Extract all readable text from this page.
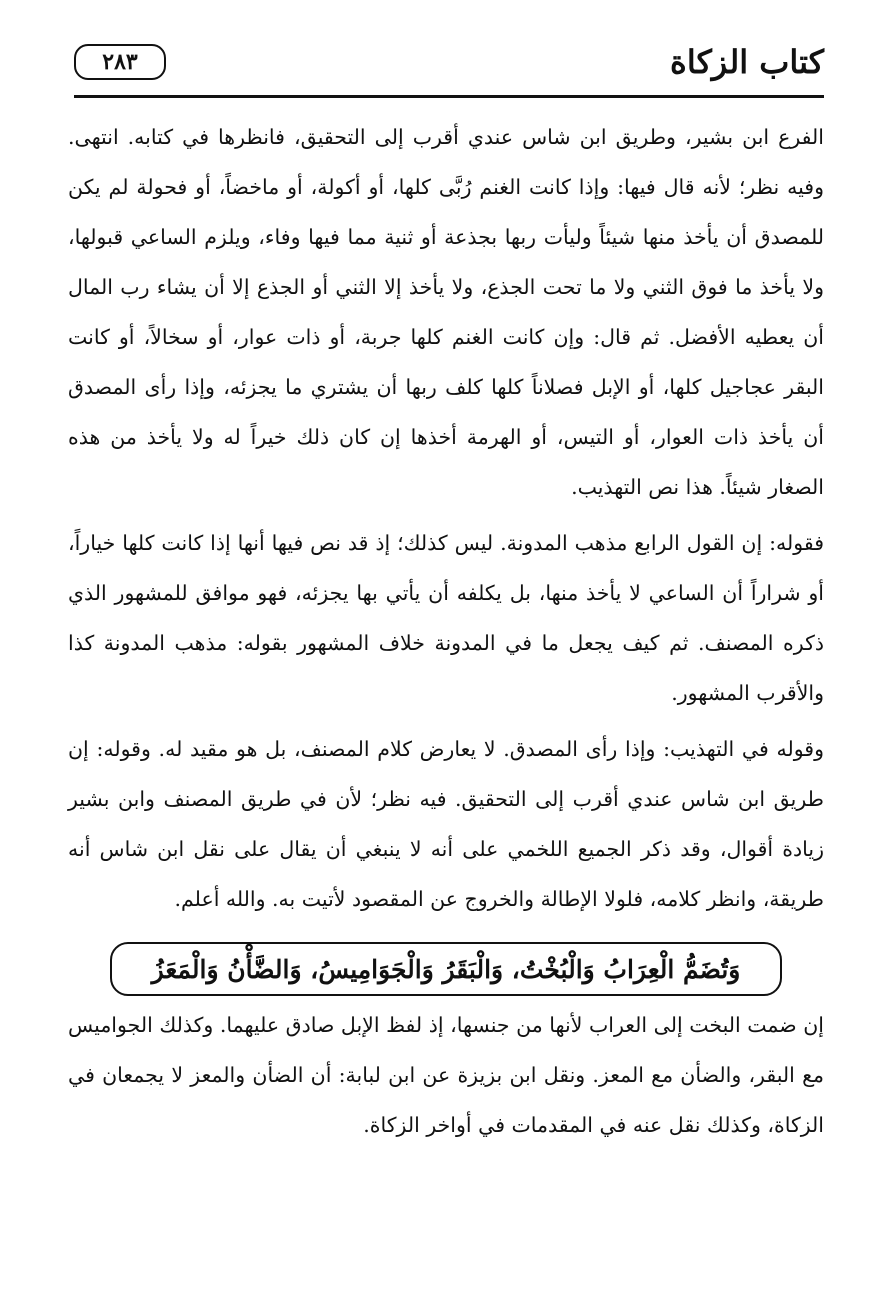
كتاب الزكاة
٢٨٣

الفرع ابن بشير، وطريق ابن شاس عندي أقرب إلى التحقيق، فانظرها في كتابه. انتهى. وفيه نظر؛ لأنه قال فيها: وإذا كانت الغنم رُبَّى كلها، أو أكولة، أو ماخضاً، أو فحولة لم يكن للمصدق أن يأخذ منها شيئاً وليأت ربها بجذعة أو ثنية مما فيها وفاء، ويلزم الساعي قبولها، ولا يأخذ ما فوق الثني ولا ما تحت الجذع، ولا يأخذ إلا الثني أو الجذع إلا أن يشاء رب المال أن يعطيه الأفضل. ثم قال: وإن كانت الغنم كلها جربة، أو ذات عوار، أو سخالاً، أو كانت البقر عجاجيل كلها، أو الإبل فصلاناً كلها كلف ربها أن يشتري ما يجزئه، وإذا رأى المصدق أن يأخذ ذات العوار، أو التيس، أو الهرمة أخذها إن كان ذلك خيراً له ولا يأخذ من هذه الصغار شيئاً. هذا نص التهذيب.

فقوله: إن القول الرابع مذهب المدونة. ليس كذلك؛ إذ قد نص فيها أنها إذا كانت كلها خياراً، أو شراراً أن الساعي لا يأخذ منها، بل يكلفه أن يأتي بها يجزئه، فهو موافق للمشهور الذي ذكره المصنف. ثم كيف يجعل ما في المدونة خلاف المشهور بقوله: مذهب المدونة كذا والأقرب المشهور.

وقوله في التهذيب: وإذا رأى المصدق. لا يعارض كلام المصنف، بل هو مقيد له. وقوله: إن طريق ابن شاس عندي أقرب إلى التحقيق. فيه نظر؛ لأن في طريق المصنف وابن بشير زيادة أقوال، وقد ذكر الجميع اللخمي على أنه لا ينبغي أن يقال على نقل ابن شاس أنه طريقة، وانظر كلامه، فلولا الإطالة والخروج عن المقصود لأتيت به. والله أعلم.

وَتُضَمُّ الْعِرَابُ وَالْبُخْتُ، وَالْبَقَرُ وَالْجَوَامِيسُ، وَالضَّأْنُ وَالْمَعَزُ

إن ضمت البخت إلى العراب لأنها من جنسها، إذ لفظ الإبل صادق عليهما. وكذلك الجواميس مع البقر، والضأن مع المعز. ونقل ابن بزيزة عن ابن لبابة: أن الضأن والمعز لا يجمعان في الزكاة، وكذلك نقل عنه في المقدمات في أواخر الزكاة.
